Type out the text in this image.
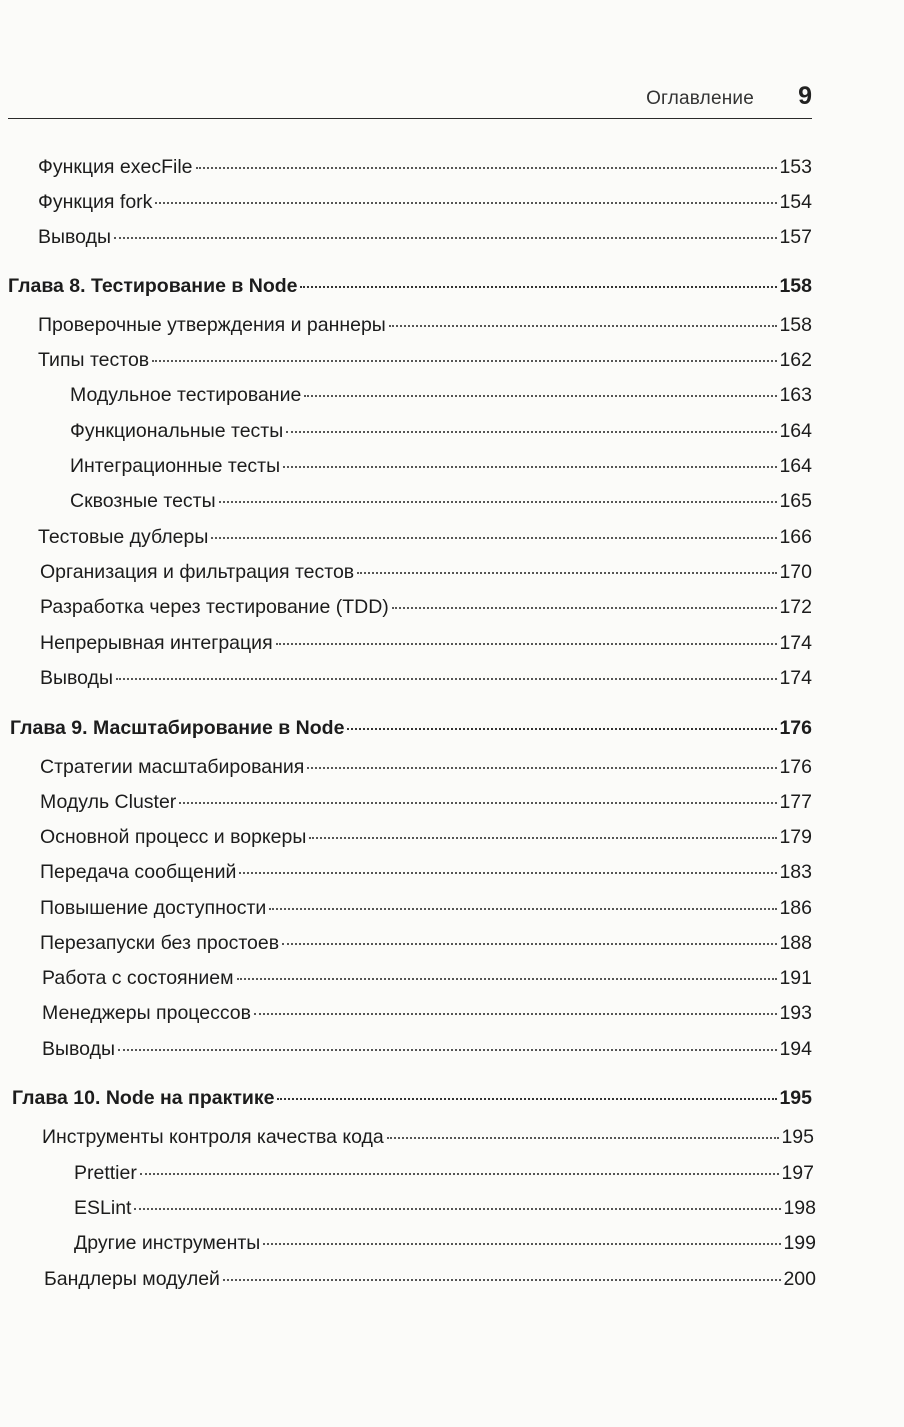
Оглавление 9
Функция execFile	153
Функция fork	154
Выводы	157
Глава 8. Тестирование в Node	158
Проверочные утверждения и раннеры	158
Типы тестов	162
Модульное тестирование	163
Функциональные тесты	164
Интеграционные тесты	164
Сквозные тесты	165
Тестовые дублеры	166
Организация и фильтрация тестов	170
Разработка через тестирование (TDD)	172
Непрерывная интеграция	174
Выводы	174
Глава 9. Масштабирование в Node	176
Стратегии масштабирования	176
Модуль Cluster	177
Основной процесс и воркеры	179
Передача сообщений	183
Повышение доступности	186
Перезапуски без простоев	188
Работа с состоянием	191
Менеджеры процессов	193
Выводы	194
Глава 10. Node на практике	195
Инструменты контроля качества кода	195
Prettier	197
ESLint	198
Другие инструменты	199
Бандлеры модулей	200
